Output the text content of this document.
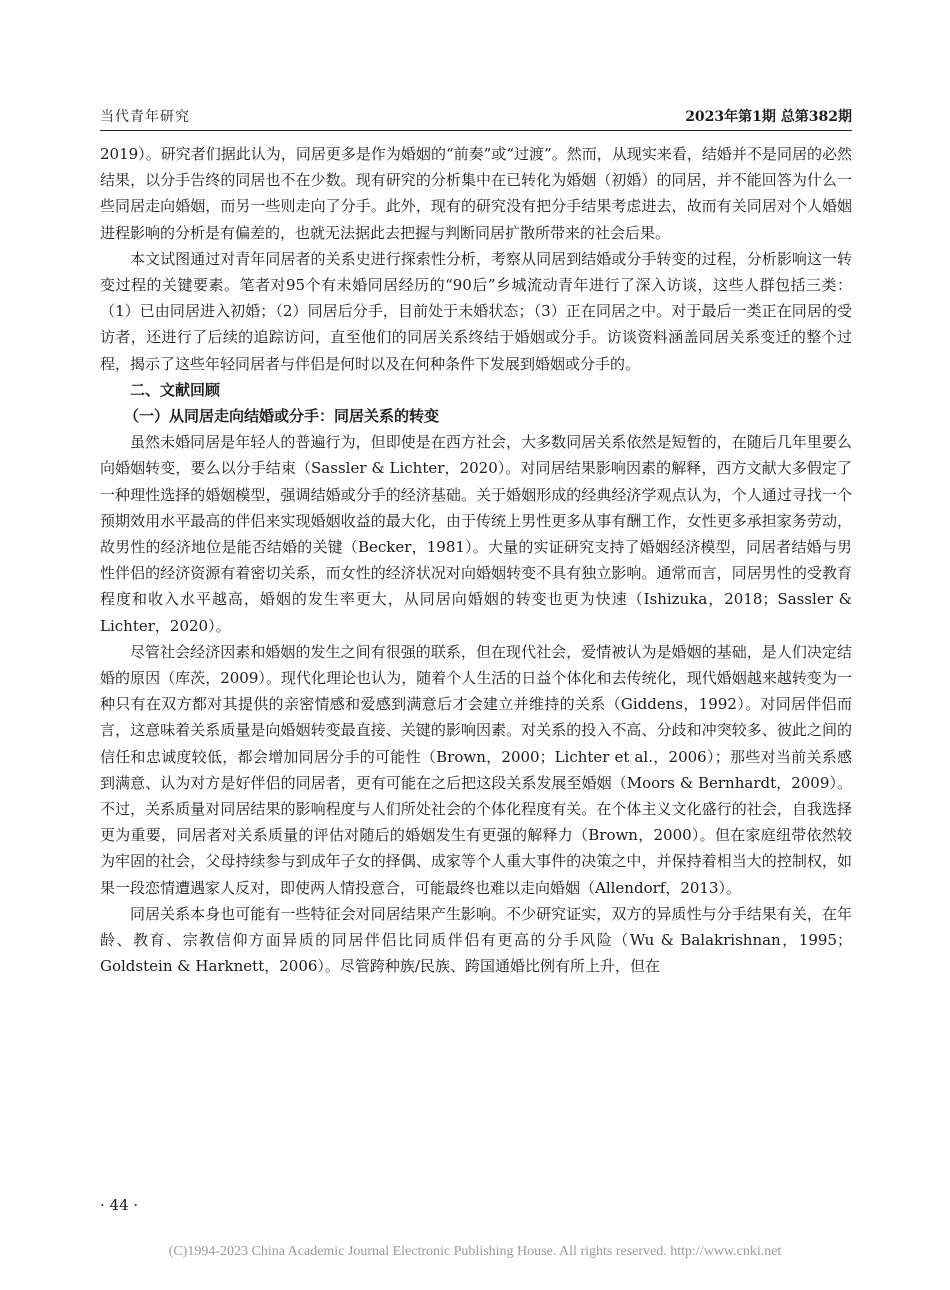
当代青年研究	2023年第1期 总第382期

2019）。研究者们据此认为，同居更多是作为婚姻的“前奏”或“过渡”。然而，从现实来看，结婚并不是同居的必然结果，以分手告终的同居也不在少数。现有研究的分析集中在已转化为婚姻（初婚）的同居，并不能回答为什么一些同居走向婚姻，而另一些则走向了分手。此外，现有的研究没有把分手结果考虑进去，故而有关同居对个人婚姻进程影响的分析是有偏差的，也就无法据此去把握与判断同居扩散所带来的社会后果。

本文试图通过对青年同居者的关系史进行探索性分析，考察从同居到结婚或分手转变的过程，分析影响这一转变过程的关键要素。笔者对95个有未婚同居经历的“90后”乡城流动青年进行了深入访谈，这些人群包括三类：（1）已由同居进入初婚；（2）同居后分手，目前处于未婚状态；（3）正在同居之中。对于最后一类正在同居的受访者，还进行了后续的追踪访问，直至他们的同居关系终结于婚姻或分手。访谈资料涵盖同居关系变迁的整个过程，揭示了这些年轻同居者与伴侣是何时以及在何种条件下发展到婚姻或分手的。

二、文献回顾
（一）从同居走向结婚或分手：同居关系的转变

虽然未婚同居是年轻人的普遍行为，但即使是在西方社会，大多数同居关系依然是短暂的，在随后几年里要么向婚姻转变，要么以分手结束（Sassler & Lichter，2020）。对同居结果影响因素的解释，西方文献大多假定了一种理性选择的婚姻模型，强调结婚或分手的经济基础。关于婚姻形成的经典经济学观点认为，个人通过寻找一个预期效用水平最高的伴侣来实现婚姻收益的最大化，由于传统上男性更多从事有酬工作，女性更多承担家务劳动，故男性的经济地位是能否结婚的关键（Becker，1981）。大量的实证研究支持了婚姻经济模型，同居者结婚与男性伴侣的经济资源有着密切关系，而女性的经济状况对向婚姻转变不具有独立影响。通常而言，同居男性的受教育程度和收入水平越高，婚姻的发生率更大，从同居向婚姻的转变也更为快速（Ishizuka，2018；Sassler & Lichter，2020）。

尽管社会经济因素和婚姻的发生之间有很强的联系，但在现代社会，爱情被认为是婚姻的基础，是人们决定结婚的原因（库茨，2009）。现代化理论也认为，随着个人生活的日益个体化和去传统化，现代婚姻越来越转变为一种只有在双方都对其提供的亲密情感和爱感到满意后才会建立并维持的关系（Giddens，1992）。对同居伴侣而言，这意味着关系质量是向婚姻转变最直接、关键的影响因素。对关系的投入不高、分歧和冲突较多、彼此之间的信任和忠诚度较低，都会增加同居分手的可能性（Brown，2000；Lichter et al.，2006）；那些对当前关系感到满意、认为对方是好伴侣的同居者，更有可能在之后把这段关系发展至婚姻（Moors & Bernhardt，2009）。不过，关系质量对同居结果的影响程度与人们所处社会的个体化程度有关。在个体主义文化盛行的社会，自我选择更为重要，同居者对关系质量的评估对随后的婚姻发生有更强的解释力（Brown，2000）。但在家庭纽带依然较为牢固的社会，父母持续参与到成年子女的择偶、成家等个人重大事件的决策之中，并保持着相当大的控制权，如果一段恋情遭遇家人反对，即使两人情投意合，可能最终也难以走向婚姻（Allendorf，2013）。

同居关系本身也可能有一些特征会对同居结果产生影响。不少研究证实，双方的异质性与分手结果有关，在年龄、教育、宗教信仰方面异质的同居伴侣比同质伴侣有更高的分手风险（Wu & Balakrishnan，1995；Goldstein & Harknett，2006）。尽管跨种族/民族、跨国通婚比例有所上升，但在

· 44 ·
(C)1994-2023 China Academic Journal Electronic Publishing House. All rights reserved. http://www.cnki.net
